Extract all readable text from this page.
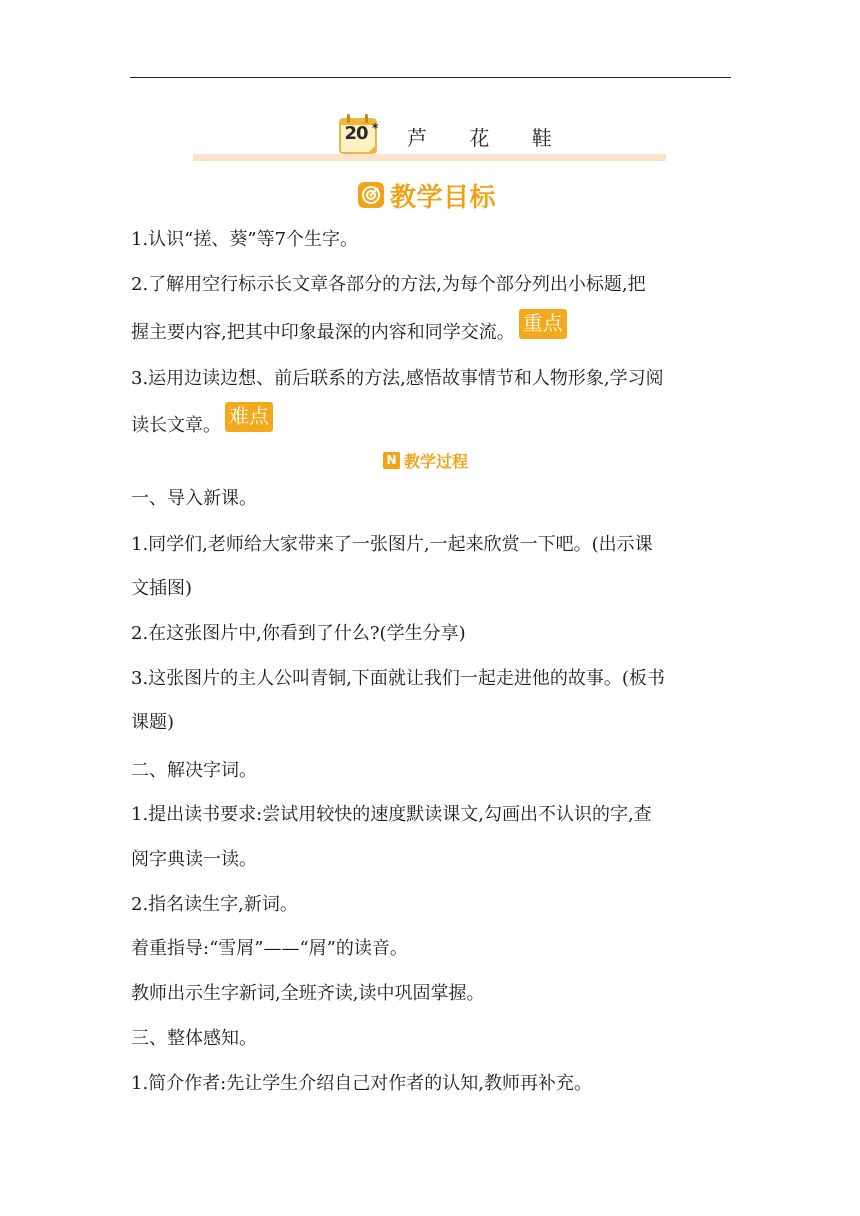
20 * 芦 花 鞋
教学目标
1.认识“搓、葵”等7个生字。
2.了解用空行标示长文章各部分的方法,为每个部分列出小标题,把
握主要内容,把其中印象最深的内容和同学交流。 重点
3.运用边读边想、前后联系的方法,感悟故事情节和人物形象,学习阅
读长文章。 难点
N 教学过程
一、导入新课。
1.同学们,老师给大家带来了一张图片,一起来欣赏一下吧。(出示课
文插图)
2.在这张图片中,你看到了什么?(学生分享)
3.这张图片的主人公叫青铜,下面就让我们一起走进他的故事。(板书
课题)
二、解决字词。
1.提出读书要求:尝试用较快的速度默读课文,勾画出不认识的字,查
阅字典读一读。
2.指名读生字,新词。
着重指导:“雪屑”——“屑”的读音。
教师出示生字新词,全班齐读,读中巩固掌握。
三、整体感知。
1.简介作者:先让学生介绍自己对作者的认知,教师再补充。
